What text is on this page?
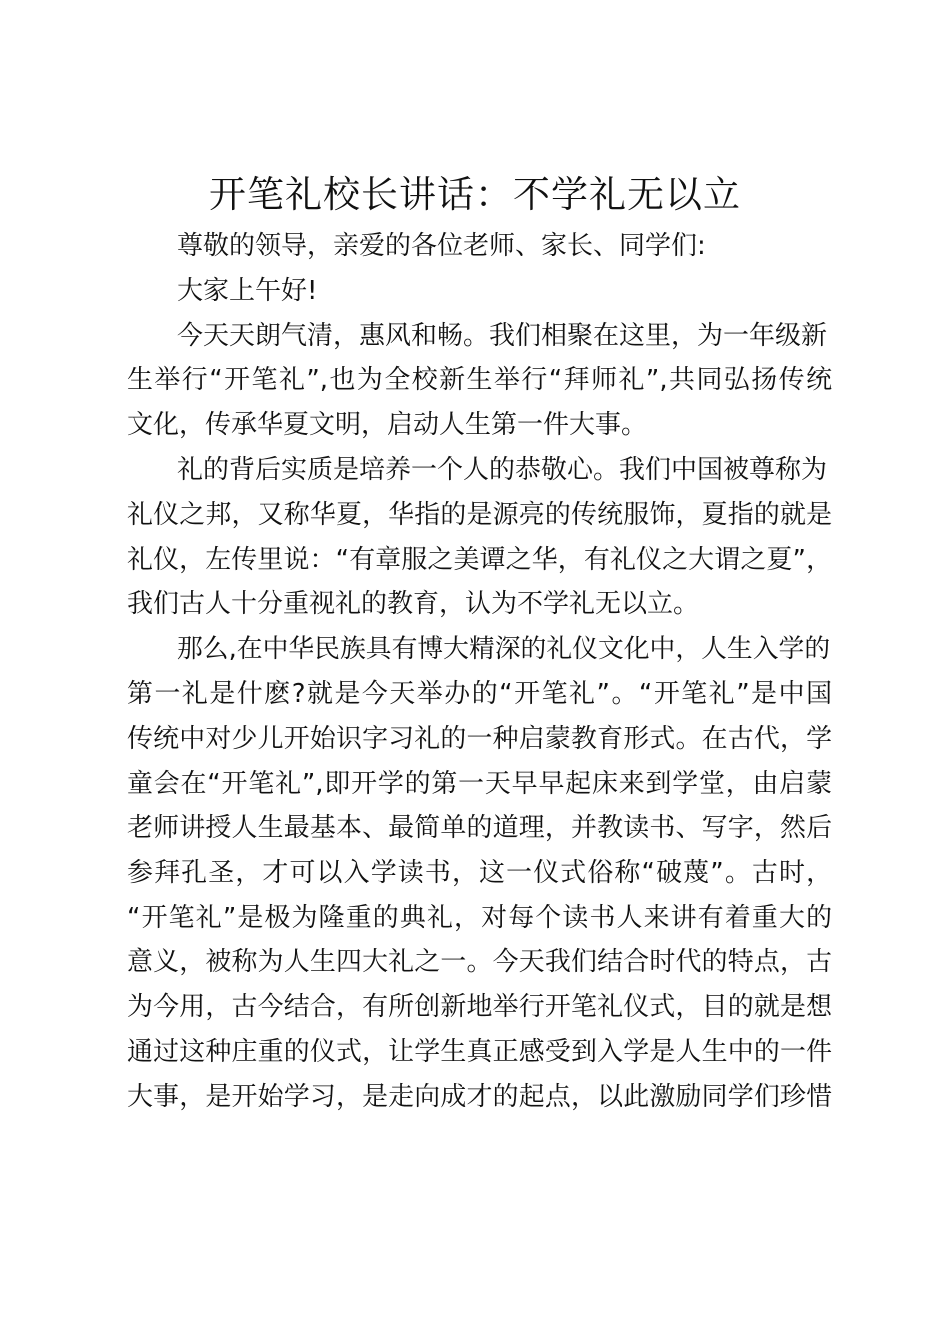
开笔礼校长讲话：不学礼无以立
尊敬的领导，亲爱的各位老师、家长、同学们:
大家上午好!
今天天朗气清，惠风和畅。我们相聚在这里，为一年级新
生举行“开笔礼”,也为全校新生举行“拜师礼”,共同弘扬传统
文化，传承华夏文明，启动人生第一件大事。
礼的背后实质是培养一个人的恭敬心。我们中国被尊称为
礼仪之邦，又称华夏，华指的是源亮的传统服饰，夏指的就是
礼仪，左传里说：“有章服之美谭之华，有礼仪之大谓之夏”，
我们古人十分重视礼的教育，认为不学礼无以立。
那么,在中华民族具有博大精深的礼仪文化中，人生入学的
第一礼是什麽?就是今天举办的“开笔礼”。“开笔礼”是中国
传统中对少儿开始识字习礼的一种启蒙教育形式。在古代，学
童会在“开笔礼”,即开学的第一天早早起床来到学堂，由启蒙
老师讲授人生最基本、最简单的道理，并教读书、写字，然后
参拜孔圣，才可以入学读书，这一仪式俗称“破蔑”。古时，
“开笔礼”是极为隆重的典礼，对每个读书人来讲有着重大的
意义，被称为人生四大礼之一。今天我们结合时代的特点，古
为今用，古今结合，有所创新地举行开笔礼仪式，目的就是想
通过这种庄重的仪式，让学生真正感受到入学是人生中的一件
大事，是开始学习，是走向成才的起点，以此激励同学们珍惜
